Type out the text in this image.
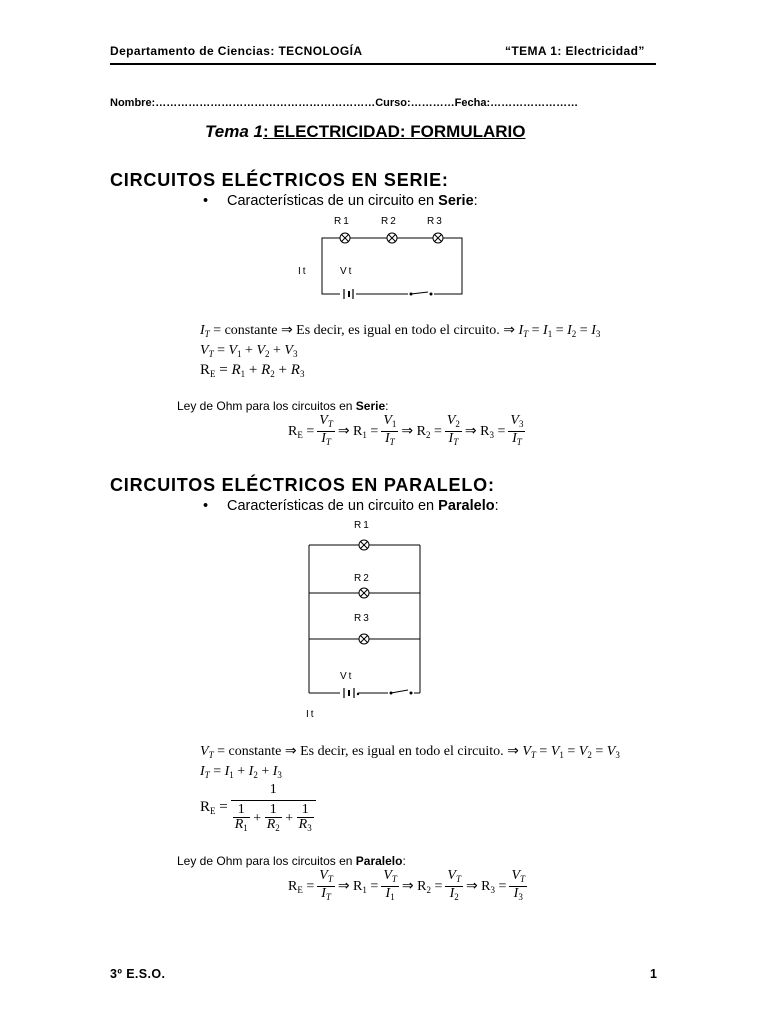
Departamento de Ciencias: TECNOLOGÍA	“TEMA 1: Electricidad”
Nombre:……………………………………………………Curso:…………Fecha:……………………
Tema 1: ELECTRICIDAD: FORMULARIO
CIRCUITOS ELÉCTRICOS EN SERIE:
• Características de un circuito en Serie:
R1	R2	R3
It	Vt
$I_T$ = constante ⇒ Es decir, es igual en todo el circuito. ⇒ $I_T = I_1 = I_2 = I_3$
$V_T = V_1 + V_2 + V_3$
$R_E = R_1 + R_2 + R_3$
Ley de Ohm para los circuitos en Serie:
$R_E = \frac{V_T}{I_T}$ ⇒ $R_1 = \frac{V_1}{I_T}$ ⇒ $R_2 = \frac{V_2}{I_T}$ ⇒ $R_3 = \frac{V_3}{I_T}$
CIRCUITOS ELÉCTRICOS EN PARALELO:
• Características de un circuito en Paralelo:
R1
R2
R3
Vt
It
$V_T$ = constante ⇒ Es decir, es igual en todo el circuito. ⇒ $V_T = V_1 = V_2 = V_3$
$I_T = I_1 + I_2 + I_3$
$R_E = \frac{1}{\frac{1}{R_1} + \frac{1}{R_2} + \frac{1}{R_3}}$
Ley de Ohm para los circuitos en Paralelo:
$R_E = \frac{V_T}{I_T}$ ⇒ $R_1 = \frac{V_T}{I_1}$ ⇒ $R_2 = \frac{V_T}{I_2}$ ⇒ $R_3 = \frac{V_T}{I_3}$
3º E.S.O.	1
